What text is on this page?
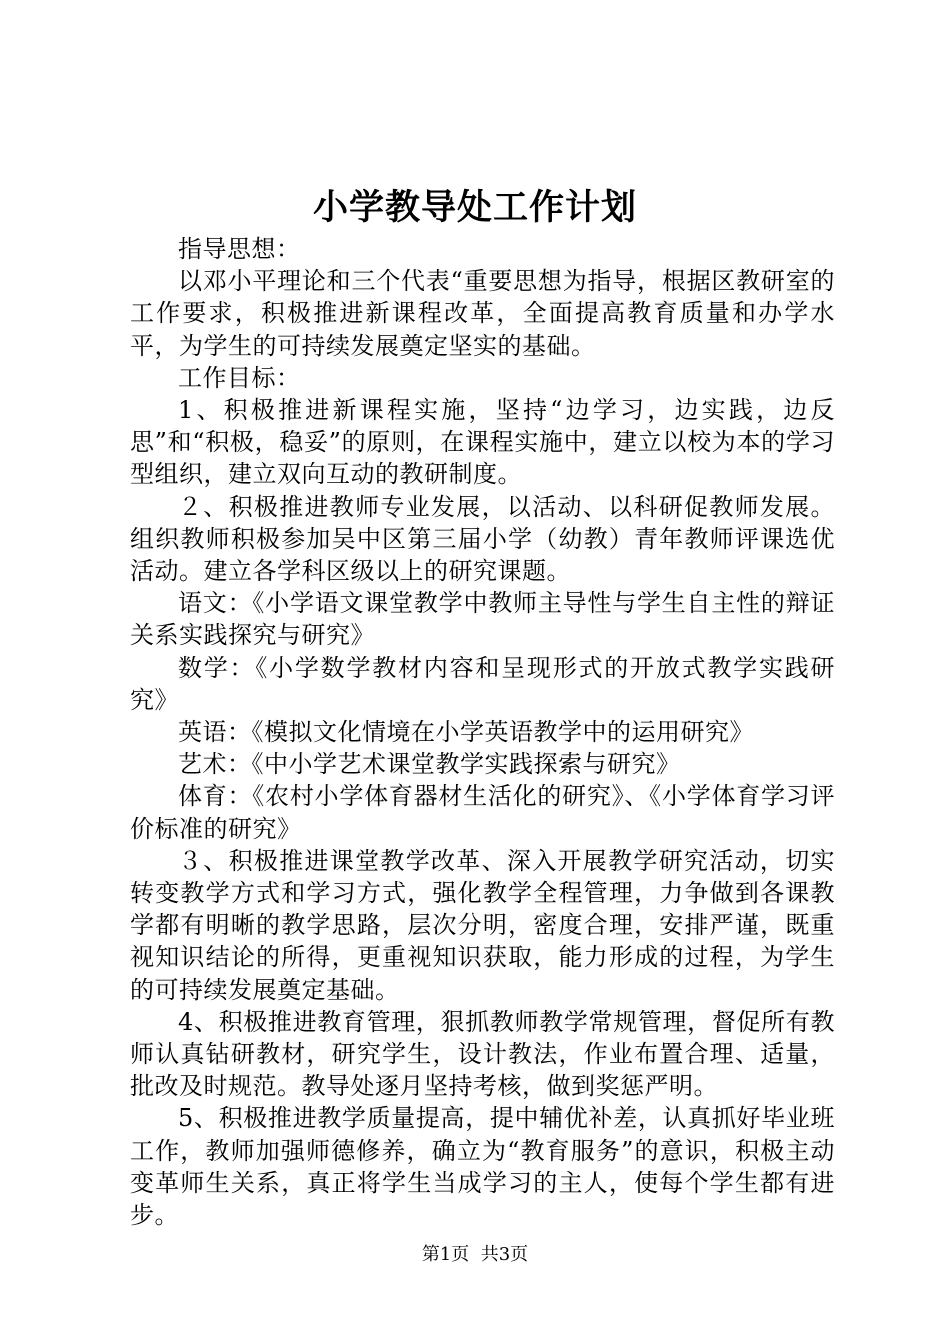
小学教导处工作计划

指导思想：

以邓小平理论和三个代表“重要思想为指导，根据区教研室的工作要求，积极推进新课程改革，全面提高教育质量和办学水平，为学生的可持续发展奠定坚实的基础。

工作目标：

1、积极推进新课程实施，坚持“边学习，边实践，边反思”和“积极，稳妥”的原则，在课程实施中，建立以校为本的学习型组织，建立双向互动的教研制度。

２、积极推进教师专业发展，以活动、以科研促教师发展。组织教师积极参加吴中区第三届小学（幼教）青年教师评课选优活动。建立各学科区级以上的研究课题。

语文：《小学语文课堂教学中教师主导性与学生自主性的辩证关系实践探究与研究》

数学：《小学数学教材内容和呈现形式的开放式教学实践研究》

英语：《模拟文化情境在小学英语教学中的运用研究》

艺术：《中小学艺术课堂教学实践探索与研究》

体育：《农村小学体育器材生活化的研究》、《小学体育学习评价标准的研究》

３、积极推进课堂教学改革、深入开展教学研究活动，切实转变教学方式和学习方式，强化教学全程管理，力争做到各课教学都有明晰的教学思路，层次分明，密度合理，安排严谨，既重视知识结论的所得，更重视知识获取，能力形成的过程，为学生的可持续发展奠定基础。

4、积极推进教育管理，狠抓教师教学常规管理，督促所有教师认真钻研教材，研究学生，设计教法，作业布置合理、适量，批改及时规范。教导处逐月坚持考核，做到奖惩严明。

5、积极推进教学质量提高，提中辅优补差，认真抓好毕业班工作，教师加强师德修养，确立为“教育服务”的意识，积极主动变革师生关系，真正将学生当成学习的主人，使每个学生都有进步。

第1页 共3页
